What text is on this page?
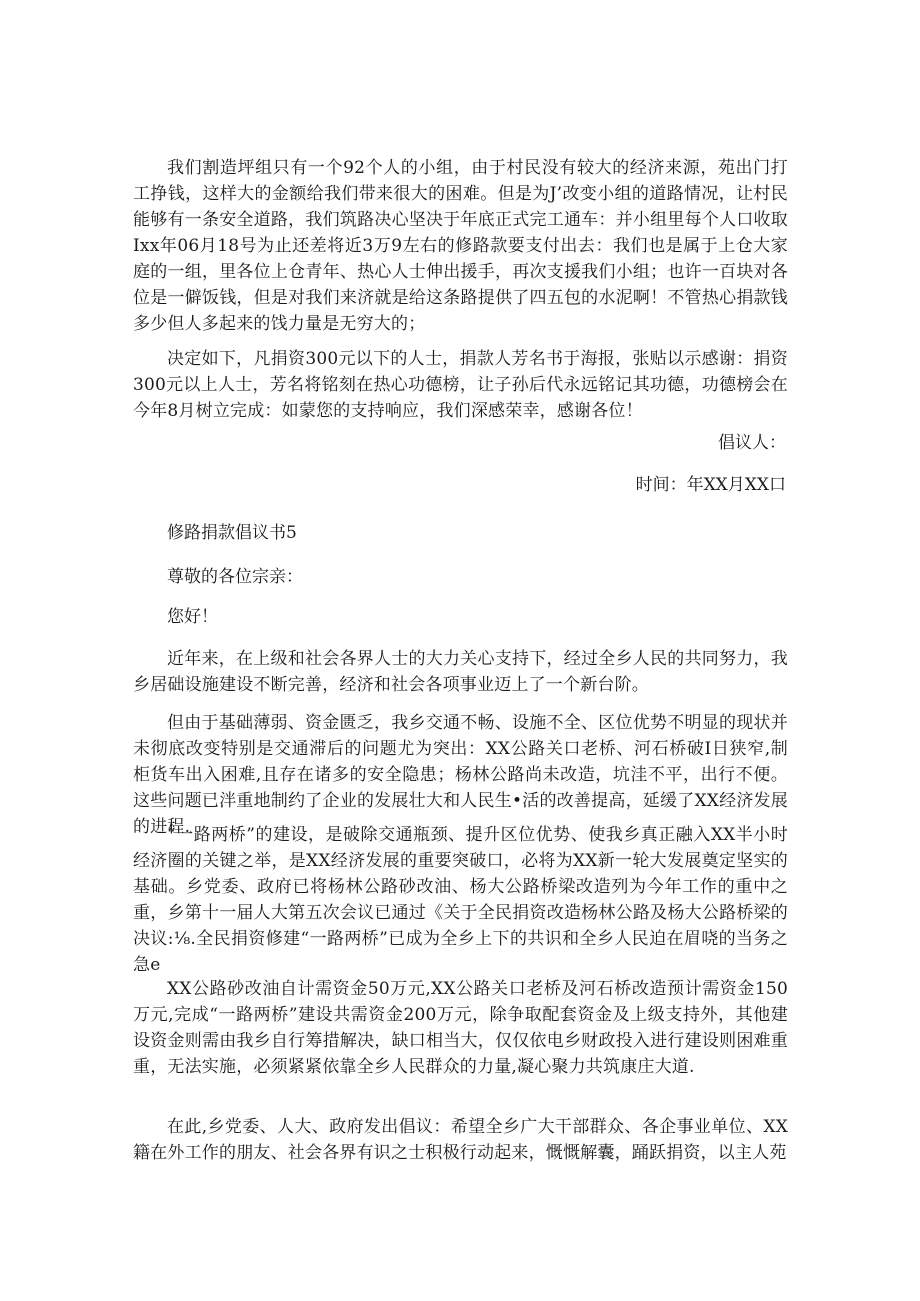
我们割造坪组只有一个92个人的小组，由于村民没有较大的经济来源，苑出门打工挣钱，这样大的金额给我们带来很大的困难。但是为J’改变小组的道路情况，让村民能够有一条安全道路，我们筑路决心坚决于年底正式完工通车：并小组里每个人口收取Ixx年06月18号为止还差将近3万9左右的修路款要支付出去：我们也是属于上仓大家庭的一组，里各位上仓青年、热心人士伸出援手，再次支援我们小组；也许一百块对各位是一僻饭钱，但是对我们来济就是给这条路提供了四五包的水泥啊！不管热心捐款钱多少但人多起来的饯力量是无穷大的；

决定如下，凡捐资300元以下的人士，捐款人芳名书于海报，张贴以示感谢：捐资300元以上人士，芳名将铭刻在热心功德榜，让子孙后代永远铭记其功德，功德榜会在今年8月树立完成：如蒙您的支持响应，我们深感荣幸，感谢各位！

倡议人：

时间：年XX月XX口

修路捐款倡议书5

尊敬的各位宗亲：

您好！

近年来，在上级和社会各界人士的大力关心支持下，经过全乡人民的共同努力，我乡居础设施建设不断完善，经济和社会各项事业迈上了一个新台阶。

但由于基础薄弱、资金匮乏，我乡交通不畅、设施不全、区位优势不明显的现状并未彻底改变特别是交通滞后的问题尤为突出：XX公路关口老桥、河石桥破I日狭窄,制柜货车出入困难,且存在诸多的安全隐患；杨林公路尚未改造，坑洼不平，出行不便。这些问题已泮重地制约了企业的发展壮大和人民生•活的改善提高，延缓了XX经济发展的进程.

“一路两桥”的建设，是破除交通瓶颈、提升区位优势、使我乡真正融入XX半小时经济圈的关键之举，是XX经济发展的重要突破口，必将为XX新一轮大发展奠定坚实的基础。乡党委、政府已将杨林公路砂改油、杨大公路桥梁改造列为今年工作的重中之重，乡第十一届人大第五次会议已通过《关于全民捐资改造杨林公路及杨大公路桥梁的决议:⅛.全民捐资修建“一路两桥”已成为全乡上下的共识和全乡人民迫在眉哓的当务之急e

XX公路砂改油自计需资金50万元,XX公路关口老桥及河石桥改造预计需资金150万元,完成“一路两桥”建设共需资金200万元，除争取配套资金及上级支持外，其他建设资金则需由我乡自行筹措解决，缺口相当大，仅仅依电乡财政投入进行建设则困难重重，无法实施，必须紧紧依靠全乡人民群众的力量,凝心聚力共筑康庄大道.

在此,乡党委、人大、政府发出倡议：希望全乡广大干部群众、各企事业单位、XX籍在外工作的朋友、社会各界有识之士积极行动起来，慨慨解囊，踊跃捐资，以主人苑
